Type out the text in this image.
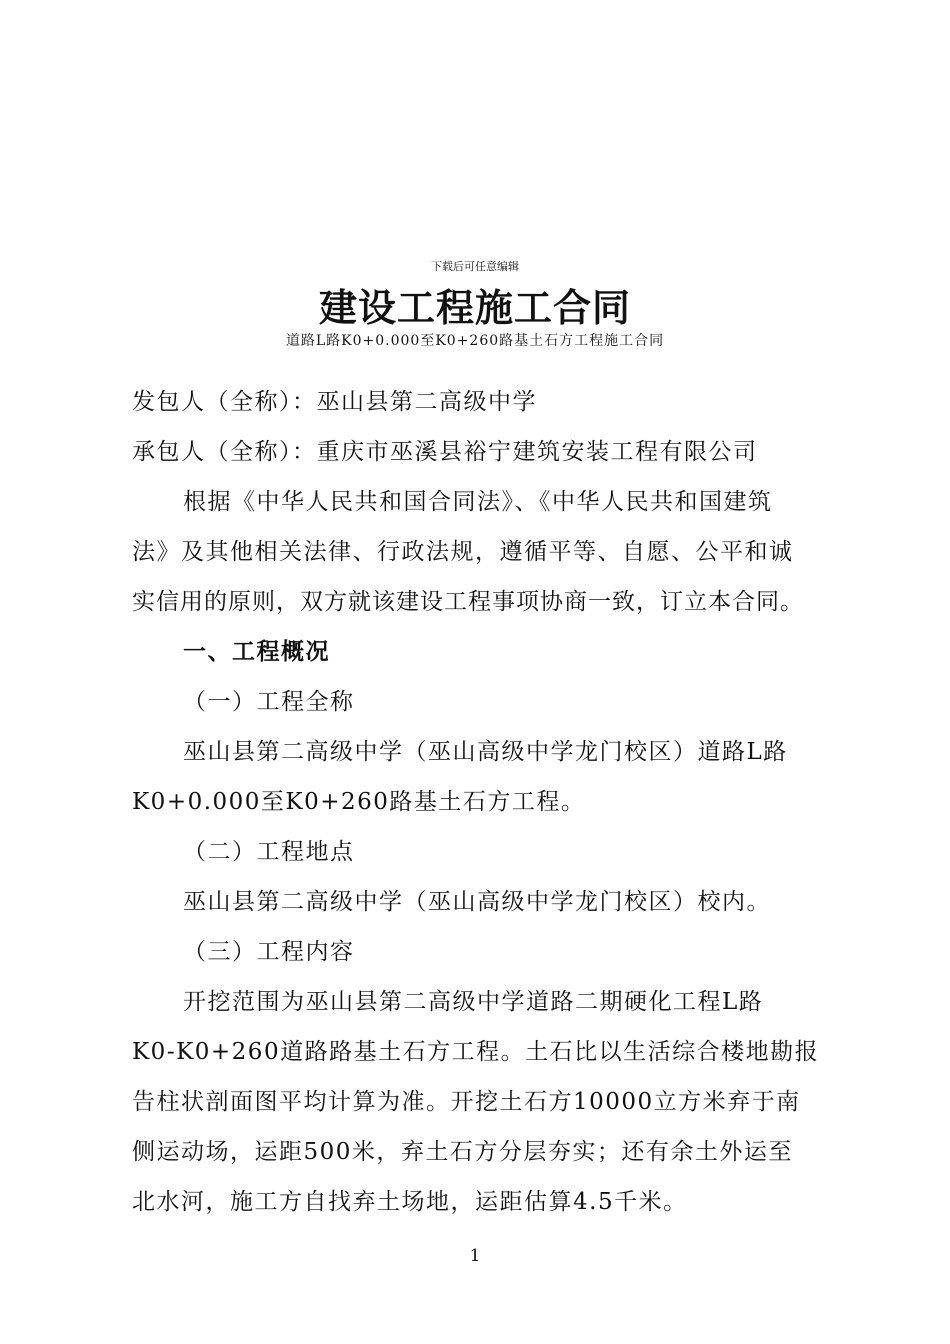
下载后可任意编辑
建设工程施工合同
道路L路K0+0.000至K0+260路基土石方工程施工合同
发包人（全称）：巫山县第二高级中学
承包人（全称）：重庆市巫溪县裕宁建筑安装工程有限公司
根据《中华人民共和国合同法》、《中华人民共和国建筑
法》及其他相关法律、行政法规，遵循平等、自愿、公平和诚
实信用的原则，双方就该建设工程事项协商一致，订立本合同。
一、工程概况
（一）工程全称
巫山县第二高级中学（巫山高级中学龙门校区）道路L路
K0+0.000至K0+260路基土石方工程。
（二）工程地点
巫山县第二高级中学（巫山高级中学龙门校区）校内。
（三）工程内容
开挖范围为巫山县第二高级中学道路二期硬化工程L路
K0-K0+260道路路基土石方工程。土石比以生活综合楼地勘报
告柱状剖面图平均计算为准。开挖土石方10000立方米弃于南
侧运动场，运距500米，弃土石方分层夯实；还有余土外运至
北水河，施工方自找弃土场地，运距估算4.5千米。
1
